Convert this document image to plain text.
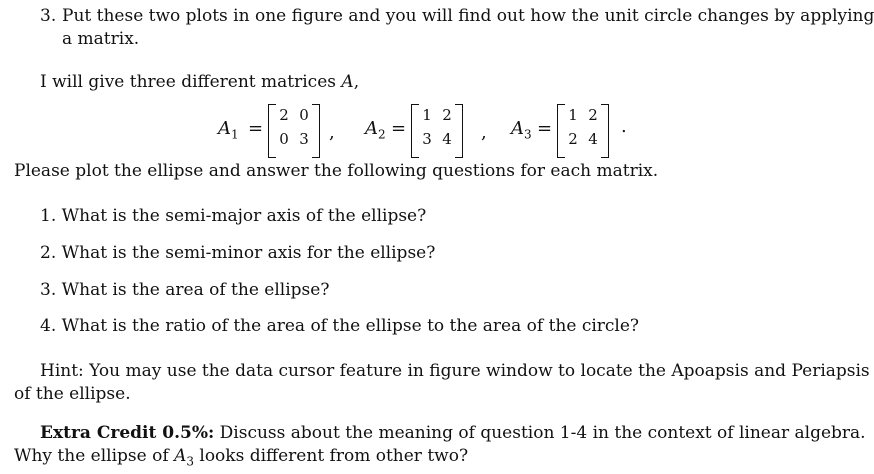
3. Put these two plots in one figure and you will find out how the unit circle changes by applying
a matrix.
I will give three different matrices A,
$A_1$ =
2 0
0 3 , $A_2$ =
1 2
3 4 , $A_3$ =
1 2
2 4
.
Please plot the ellipse and answer the following questions for each matrix.
1. What is the semi-major axis of the ellipse?
2. What is the semi-minor axis for the ellipse?
3. What is the area of the ellipse?
4. What is the ratio of the area of the ellipse to the area of the circle?
Hint: You may use the data cursor feature in figure window to locate the Apoapsis and Periapsis
of the ellipse.
Extra Credit 0.5%: Discuss about the meaning of question 1-4 in the context of linear algebra.
Why the ellipse of $A_3$ looks different from other two?
